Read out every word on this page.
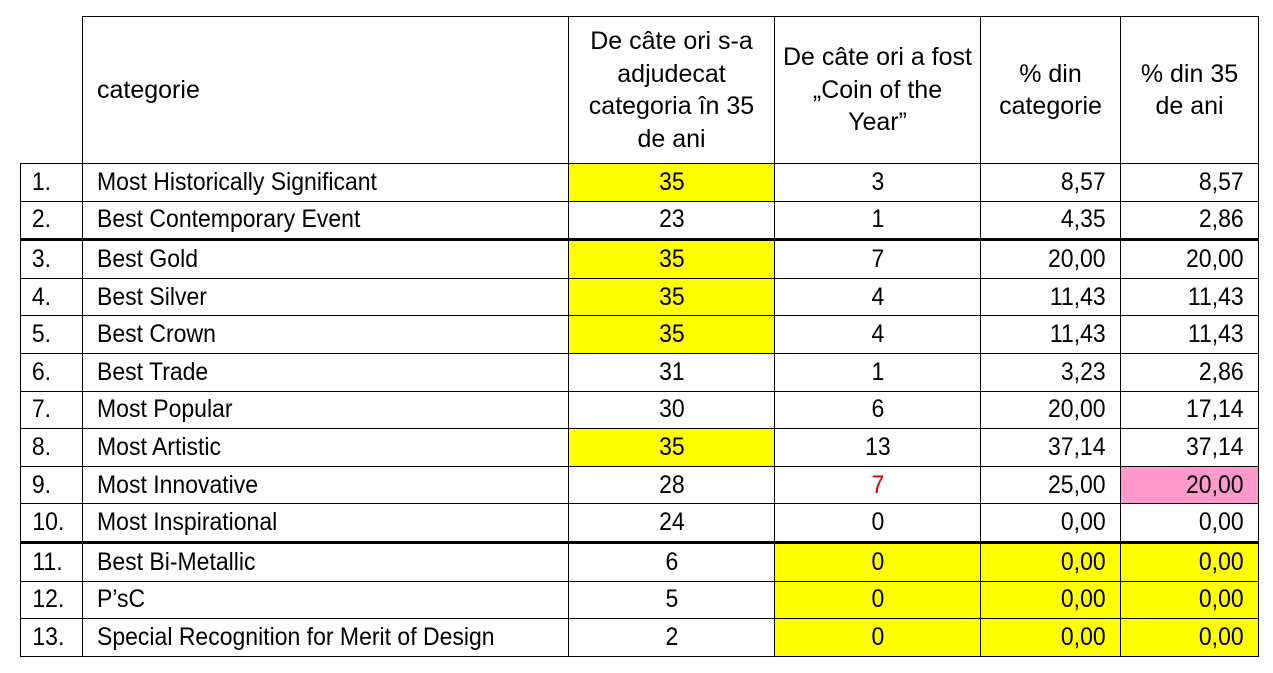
	categorie	De câte ori s-a adjudecat categoria în 35 de ani	De câte ori a fost „Coin of the Year”	% din categorie	% din 35 de ani
1.	Most Historically Significant	35	3	8,57	8,57
2.	Best Contemporary Event	23	1	4,35	2,86
3.	Best Gold	35	7	20,00	20,00
4.	Best Silver	35	4	11,43	11,43
5.	Best Crown	35	4	11,43	11,43
6.	Best Trade	31	1	3,23	2,86
7.	Most Popular	30	6	20,00	17,14
8.	Most Artistic	35	13	37,14	37,14
9.	Most Innovative	28	7	25,00	20,00
10.	Most Inspirational	24	0	0,00	0,00
11.	Best Bi-Metallic	6	0	0,00	0,00
12.	P’sC	5	0	0,00	0,00
13.	Special Recognition for Merit of Design	2	0	0,00	0,00
